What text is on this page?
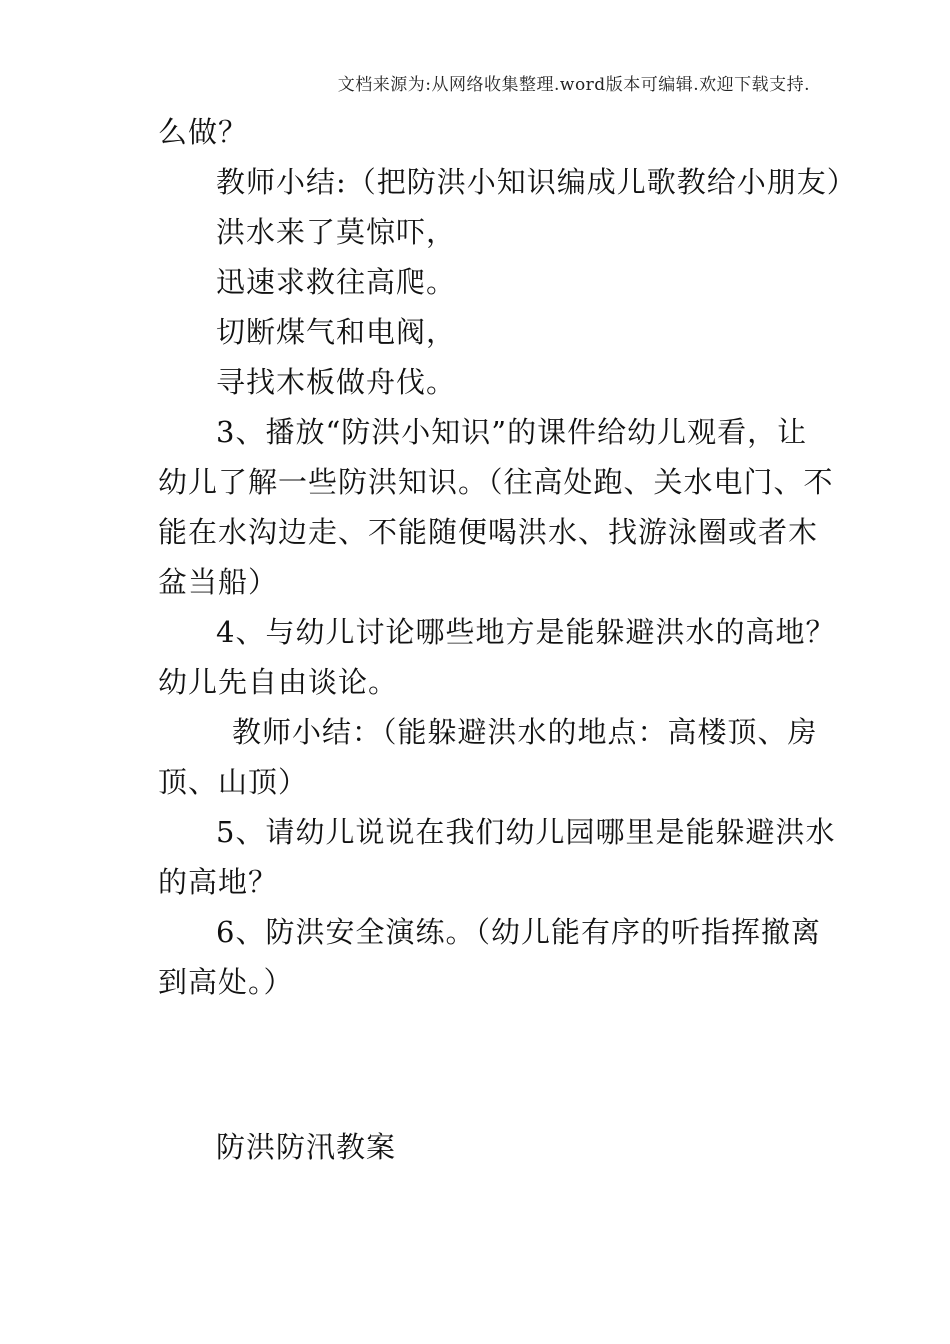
文档来源为:从网络收集整理.word版本可编辑.欢迎下载支持.
么做？
教师小结:（把防洪小知识编成儿歌教给小朋友）
洪水来了莫惊吓，
迅速求救往高爬。
切断煤气和电阀，
寻找木板做舟伐。
3、播放“防洪小知识”的课件给幼儿观看，让
幼儿了解一些防洪知识。（往高处跑、关水电门、不
能在水沟边走、不能随便喝洪水、找游泳圈或者木
盆当船）
4、与幼儿讨论哪些地方是能躲避洪水的高地？
幼儿先自由谈论。
教师小结：（能躲避洪水的地点：高楼顶、房
顶、山顶）
5、请幼儿说说在我们幼儿园哪里是能躲避洪水
的高地？
6、防洪安全演练。（幼儿能有序的听指挥撤离
到高处。）
防洪防汛教案
